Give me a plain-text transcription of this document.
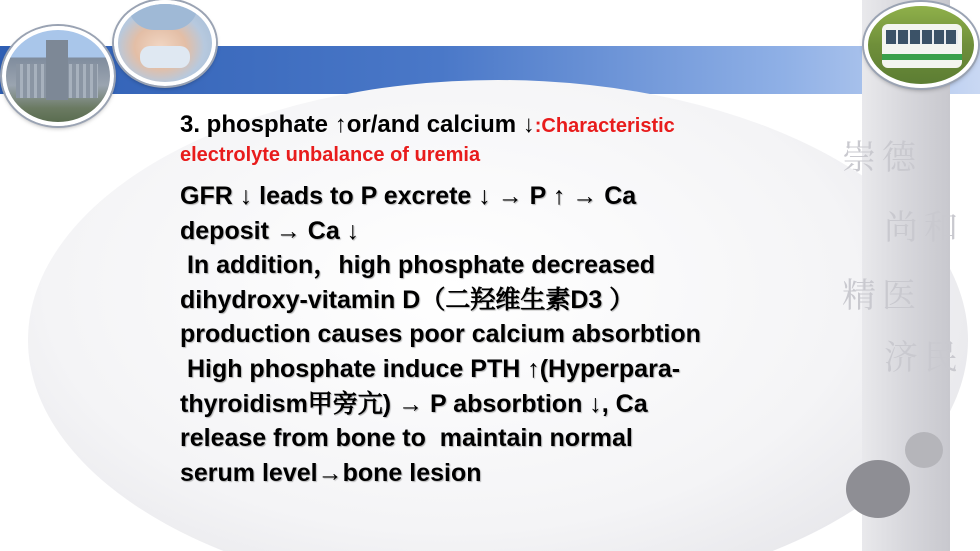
崇德
尚和
精医
济民
3. phosphate ↑or/and calcium ↓:Characteristic
electrolyte unbalance of uremia
GFR ↓ leads to P excrete ↓ → P ↑ → Ca
deposit → Ca ↓
In addition，high phosphate decreased
dihydroxy-vitamin D（二羟维生素D3 ）
production causes poor calcium absorbtion
High phosphate induce PTH ↑(Hyperpara-
thyroidism甲旁亢) → P absorbtion ↓, Ca
release from bone to  maintain normal
serum level→bone lesion
